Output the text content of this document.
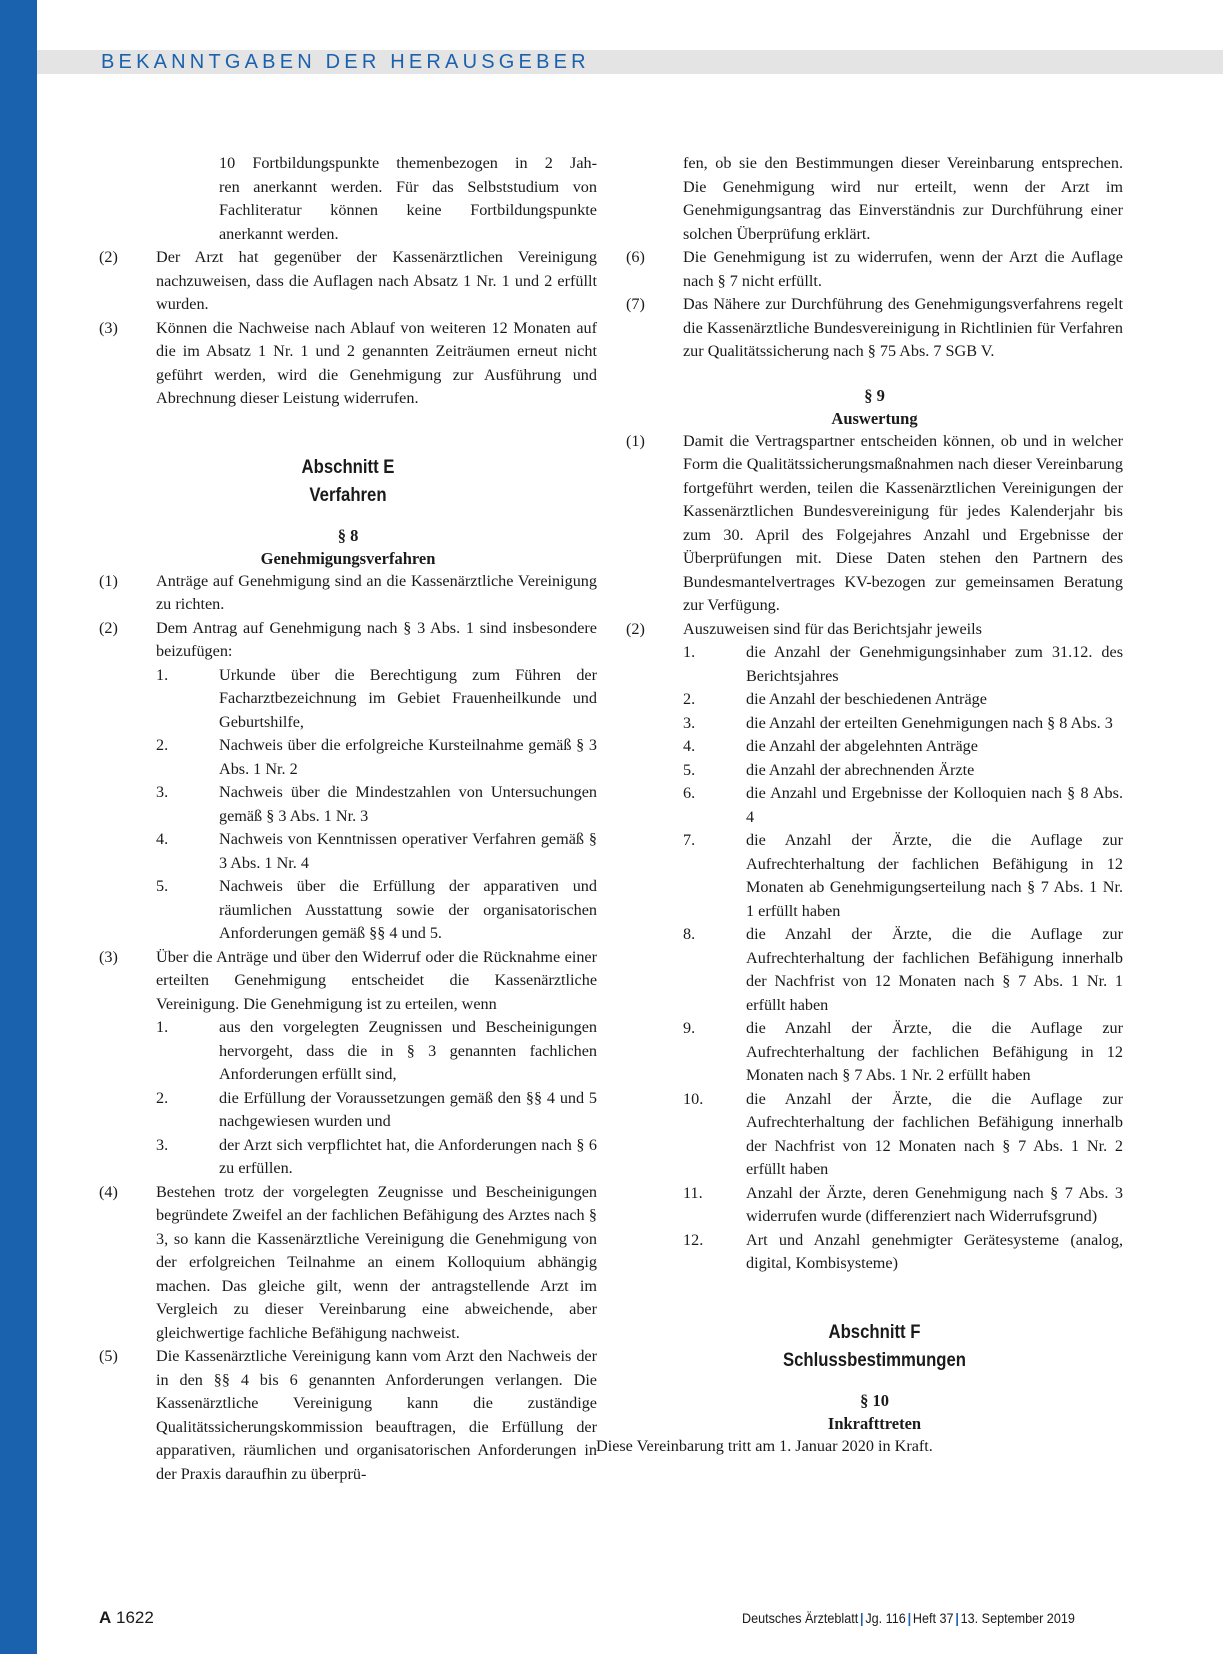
BEKANNTGABEN DER HERAUSGEBER
10 Fortbildungspunkte themenbezogen in 2 Jah-
ren anerkannt werden. Für das Selbststudium von
Fachliteratur können keine Fortbildungspunkte
anerkannt werden.
(2) Der Arzt hat gegenüber der Kassenärztlichen Vereinigung nachzuweisen, dass die Auflagen nach Absatz 1 Nr. 1 und 2 erfüllt wurden.
(3) Können die Nachweise nach Ablauf von weiteren 12 Monaten auf die im Absatz 1 Nr. 1 und 2 genannten Zeiträumen erneut nicht geführt werden, wird die Genehmigung zur Ausführung und Abrechnung dieser Leistung widerrufen.
Abschnitt E
Verfahren
§ 8
Genehmigungsverfahren
(1) Anträge auf Genehmigung sind an die Kassenärztliche Vereinigung zu richten.
(2) Dem Antrag auf Genehmigung nach § 3 Abs. 1 sind insbesondere beizufügen:
1.	Urkunde über die Berechtigung zum Führen der Facharztbezeichnung im Gebiet Frauenheilkunde und Geburtshilfe,
2.	Nachweis über die erfolgreiche Kursteilnahme gemäß § 3 Abs. 1 Nr. 2
3.	Nachweis über die Mindestzahlen von Untersuchungen gemäß § 3 Abs. 1 Nr. 3
4.	Nachweis von Kenntnissen operativer Verfahren gemäß § 3 Abs. 1 Nr. 4
5.	Nachweis über die Erfüllung der apparativen und räumlichen Ausstattung sowie der organisatorischen Anforderungen gemäß §§ 4 und 5.
(3) Über die Anträge und über den Widerruf oder die Rücknahme einer erteilten Genehmigung entscheidet die Kassenärztliche Vereinigung. Die Genehmigung ist zu erteilen, wenn
1.	aus den vorgelegten Zeugnissen und Bescheinigungen hervorgeht, dass die in § 3 genannten fachlichen Anforderungen erfüllt sind,
2.	die Erfüllung der Voraussetzungen gemäß den §§ 4 und 5 nachgewiesen wurden und
3.	der Arzt sich verpflichtet hat, die Anforderungen nach § 6 zu erfüllen.
(4) Bestehen trotz der vorgelegten Zeugnisse und Bescheinigungen begründete Zweifel an der fachlichen Befähigung des Arztes nach § 3, so kann die Kassenärztliche Vereinigung die Genehmigung von der erfolgreichen Teilnahme an einem Kolloquium abhängig machen. Das gleiche gilt, wenn der antragstellende Arzt im Vergleich zu dieser Vereinbarung eine abweichende, aber gleichwertige fachliche Befähigung nachweist.
(5) Die Kassenärztliche Vereinigung kann vom Arzt den Nachweis der in den §§ 4 bis 6 genannten Anforderungen verlangen. Die Kassenärztliche Vereinigung kann die zuständige Qualitätssicherungskommission beauftragen, die Erfüllung der apparativen, räumlichen und organisatorischen Anforderungen in der Praxis daraufhin zu überprü-
fen, ob sie den Bestimmungen dieser Vereinbarung entsprechen. Die Genehmigung wird nur erteilt, wenn der Arzt im Genehmigungsantrag das Einverständnis zur Durchführung einer solchen Überprüfung erklärt.
(6) Die Genehmigung ist zu widerrufen, wenn der Arzt die Auflage nach § 7 nicht erfüllt.
(7) Das Nähere zur Durchführung des Genehmigungsverfahrens regelt die Kassenärztliche Bundesvereinigung in Richtlinien für Verfahren zur Qualitätssicherung nach § 75 Abs. 7 SGB V.
§ 9
Auswertung
(1) Damit die Vertragspartner entscheiden können, ob und in welcher Form die Qualitätssicherungsmaßnahmen nach dieser Vereinbarung fortgeführt werden, teilen die Kassenärztlichen Vereinigungen der Kassenärztlichen Bundesvereinigung für jedes Kalenderjahr bis zum 30. April des Folgejahres Anzahl und Ergebnisse der Überprüfungen mit. Diese Daten stehen den Partnern des Bundesmantelvertrages KV-bezogen zur gemeinsamen Beratung zur Verfügung.
(2) Auszuweisen sind für das Berichtsjahr jeweils
1.	die Anzahl der Genehmigungsinhaber zum 31.12. des Berichtsjahres
2.	die Anzahl der beschiedenen Anträge
3.	die Anzahl der erteilten Genehmigungen nach § 8 Abs. 3
4.	die Anzahl der abgelehnten Anträge
5.	die Anzahl der abrechnenden Ärzte
6.	die Anzahl und Ergebnisse der Kolloquien nach § 8 Abs. 4
7.	die Anzahl der Ärzte, die die Auflage zur Aufrechterhaltung der fachlichen Befähigung in 12 Monaten ab Genehmigungserteilung nach § 7 Abs. 1 Nr. 1 erfüllt haben
8.	die Anzahl der Ärzte, die die Auflage zur Aufrechterhaltung der fachlichen Befähigung innerhalb der Nachfrist von 12 Monaten nach § 7 Abs. 1 Nr. 1 erfüllt haben
9.	die Anzahl der Ärzte, die die Auflage zur Aufrechterhaltung der fachlichen Befähigung in 12 Monaten nach § 7 Abs. 1 Nr. 2 erfüllt haben
10.	die Anzahl der Ärzte, die die Auflage zur Aufrechterhaltung der fachlichen Befähigung innerhalb der Nachfrist von 12 Monaten nach § 7 Abs. 1 Nr. 2 erfüllt haben
11.	Anzahl der Ärzte, deren Genehmigung nach § 7 Abs. 3 widerrufen wurde (differenziert nach Widerrufsgrund)
12.	Art und Anzahl genehmigter Gerätesysteme (analog, digital, Kombisysteme)
Abschnitt F
Schlussbestimmungen
§ 10
Inkrafttreten
Diese Vereinbarung tritt am 1. Januar 2020 in Kraft.
A 1622	Deutsches Ärzteblatt | Jg. 116 | Heft 37 | 13. September 2019
